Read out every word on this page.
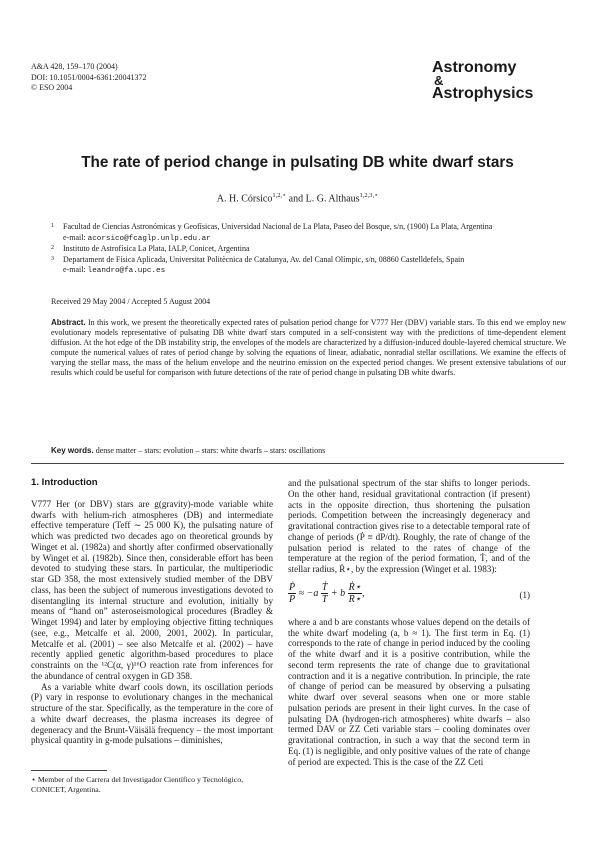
A&A 428, 159–170 (2004)
DOI: 10.1051/0004-6361:20041372
© ESO 2004
Astronomy
&
Astrophysics
The rate of period change in pulsating DB white dwarf stars
A. H. Córsico$^{1,2,⋆}$ and L. G. Althaus$^{1,2,3,⋆}$
1 Facultad de Ciencias Astronómicas y Geofísicas, Universidad Nacional de La Plata, Paseo del Bosque, s/n, (1900) La Plata, Argentina
e-mail: acorsico@fcaglp.unlp.edu.ar
2 Instituto de Astrofísica La Plata, IALP, Conicet, Argentina
3 Departament de Física Aplicada, Universitat Politècnica de Catalunya, Av. del Canal Olímpic, s/n, 08860 Castelldefels, Spain
e-mail: leandro@fa.upc.es
Received 29 May 2004 / Accepted 5 August 2004
Abstract. In this work, we present the theoretically expected rates of pulsation period change for V777 Her (DBV) variable stars. To this end we employ new evolutionary models representative of pulsating DB white dwarf stars computed in a self-consistent way with the predictions of time-dependent element diffusion. At the hot edge of the DB instability strip, the envelopes of the models are characterized by a diffusion-induced double-layered chemical structure. We compute the numerical values of rates of period change by solving the equations of linear, adiabatic, nonradial stellar oscillations. We examine the effects of varying the stellar mass, the mass of the helium envelope and the neutrino emission on the expected period changes. We present extensive tabulations of our results which could be useful for comparison with future detections of the rate of period change in pulsating DB white dwarfs.
Key words. dense matter – stars: evolution – stars: white dwarfs – stars: oscillations
1. Introduction

V777 Her (or DBV) stars are g(gravity)-mode variable white dwarfs with helium-rich atmospheres (DB) and intermediate effective temperature (Teff ∼ 25 000 K), the pulsating nature of which was predicted two decades ago on theoretical grounds by Winget et al. (1982a) and shortly after confirmed observationally by Winget et al. (1982b). Since then, considerable effort has been devoted to studying these stars. In particular, the multiperiodic star GD 358, the most extensively studied member of the DBV class, has been the subject of numerous investigations devoted to disentangling its internal structure and evolution, initially by means of “hand on” asteroseismological procedures (Bradley & Winget 1994) and later by employing objective fitting techniques (see, e.g., Metcalfe et al. 2000, 2001, 2002). In particular, Metcalfe et al. (2001) – see also Metcalfe et al. (2002) – have recently applied genetic algorithm-based procedures to place constraints on the ¹²C(α, γ)¹⁶O reaction rate from inferences for the abundance of central oxygen in GD 358.

As a variable white dwarf cools down, its oscillation periods (P) vary in response to evolutionary changes in the mechanical structure of the star. Specifically, as the temperature in the core of a white dwarf decreases, the plasma increases its degree of degeneracy and the Brunt-Väisälä frequency – the most important physical quantity in g-mode pulsations – diminishes,

and the pulsational spectrum of the star shifts to longer periods. On the other hand, residual gravitational contraction (if present) acts in the opposite direction, thus shortening the pulsation periods. Competition between the increasingly degeneracy and gravitational contraction gives rise to a detectable temporal rate of change of periods (Ṗ ≡ dP/dt). Roughly, the rate of change of the pulsation period is related to the rates of change of the temperature at the region of the period formation, Ṫ, and of the stellar radius, Ṙ⋆, by the expression (Winget et al. 1983):

$\frac{\text{Ṗ}}{P} \approx -a \frac{\text{Ṫ}}{T} + b \frac{\text{Ṙ⋆}}{R⋆}$ ,	(1)

where a and b are constants whose values depend on the details of the white dwarf modeling (a, b ≈ 1). The first term in Eq. (1) corresponds to the rate of change in period induced by the cooling of the white dwarf and it is a positive contribution, while the second term represents the rate of change due to gravitational contraction and it is a negative contribution. In principle, the rate of change of period can be measured by observing a pulsating white dwarf over several seasons when one or more stable pulsation periods are present in their light curves. In the case of pulsating DA (hydrogen-rich atmospheres) white dwarfs – also termed DAV or ZZ Ceti variable stars – cooling dominates over gravitational contraction, in such a way that the second term in Eq. (1) is negligible, and only positive values of the rate of change of period are expected. This is the case of the ZZ Ceti

⋆ Member of the Carrera del Investigador Científico y Tecnológico, CONICET, Argentina.
